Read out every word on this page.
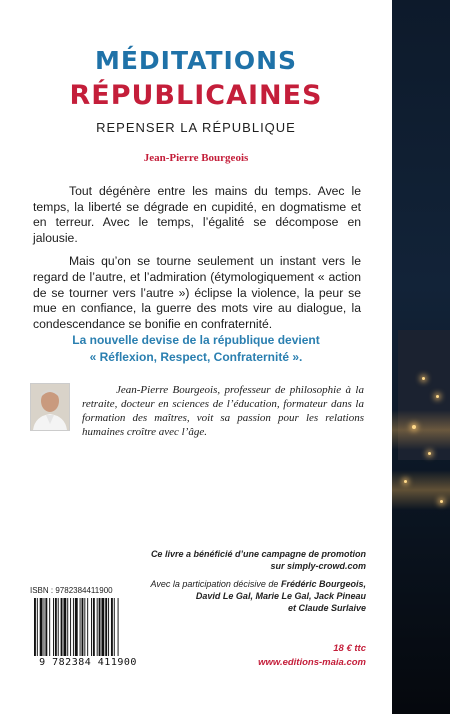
MÉDITATIONS
RÉPUBLICAINES
REPENSER LA RÉPUBLIQUE
Jean-Pierre Bourgeois

Tout dégénère entre les mains du temps. Avec le temps, la liberté se dégrade en cupidité, en dogmatisme et en terreur. Avec le temps, l’égalité se décompose en jalousie.

Mais qu’on se tourne seulement un instant vers le regard de l’autre, et l’admiration (étymologiquement « action de se tourner vers l’autre ») éclipse la violence, la peur se mue en confiance, la guerre des mots vire au dialogue, la condescendance se bonifie en confraternité.

La nouvelle devise de la république devient
« Réflexion, Respect, Confraternité ».
Jean-Pierre Bourgeois, professeur de philosophie à la retraite, docteur en sciences de l’éducation, formateur dans la formation des maîtres, voit sa passion pour les relations humaines croître avec l’âge.
Ce livre a bénéficié d’une campagne de promotion
sur simply-crowd.com
Avec la participation décisive de Frédéric Bourgeois,
David Le Gal, Marie Le Gal, Jack Pineau
et Claude Surlaive
ISBN : 9782384411900
9 782384 411900
18 € ttc
www.editions-maia.com
